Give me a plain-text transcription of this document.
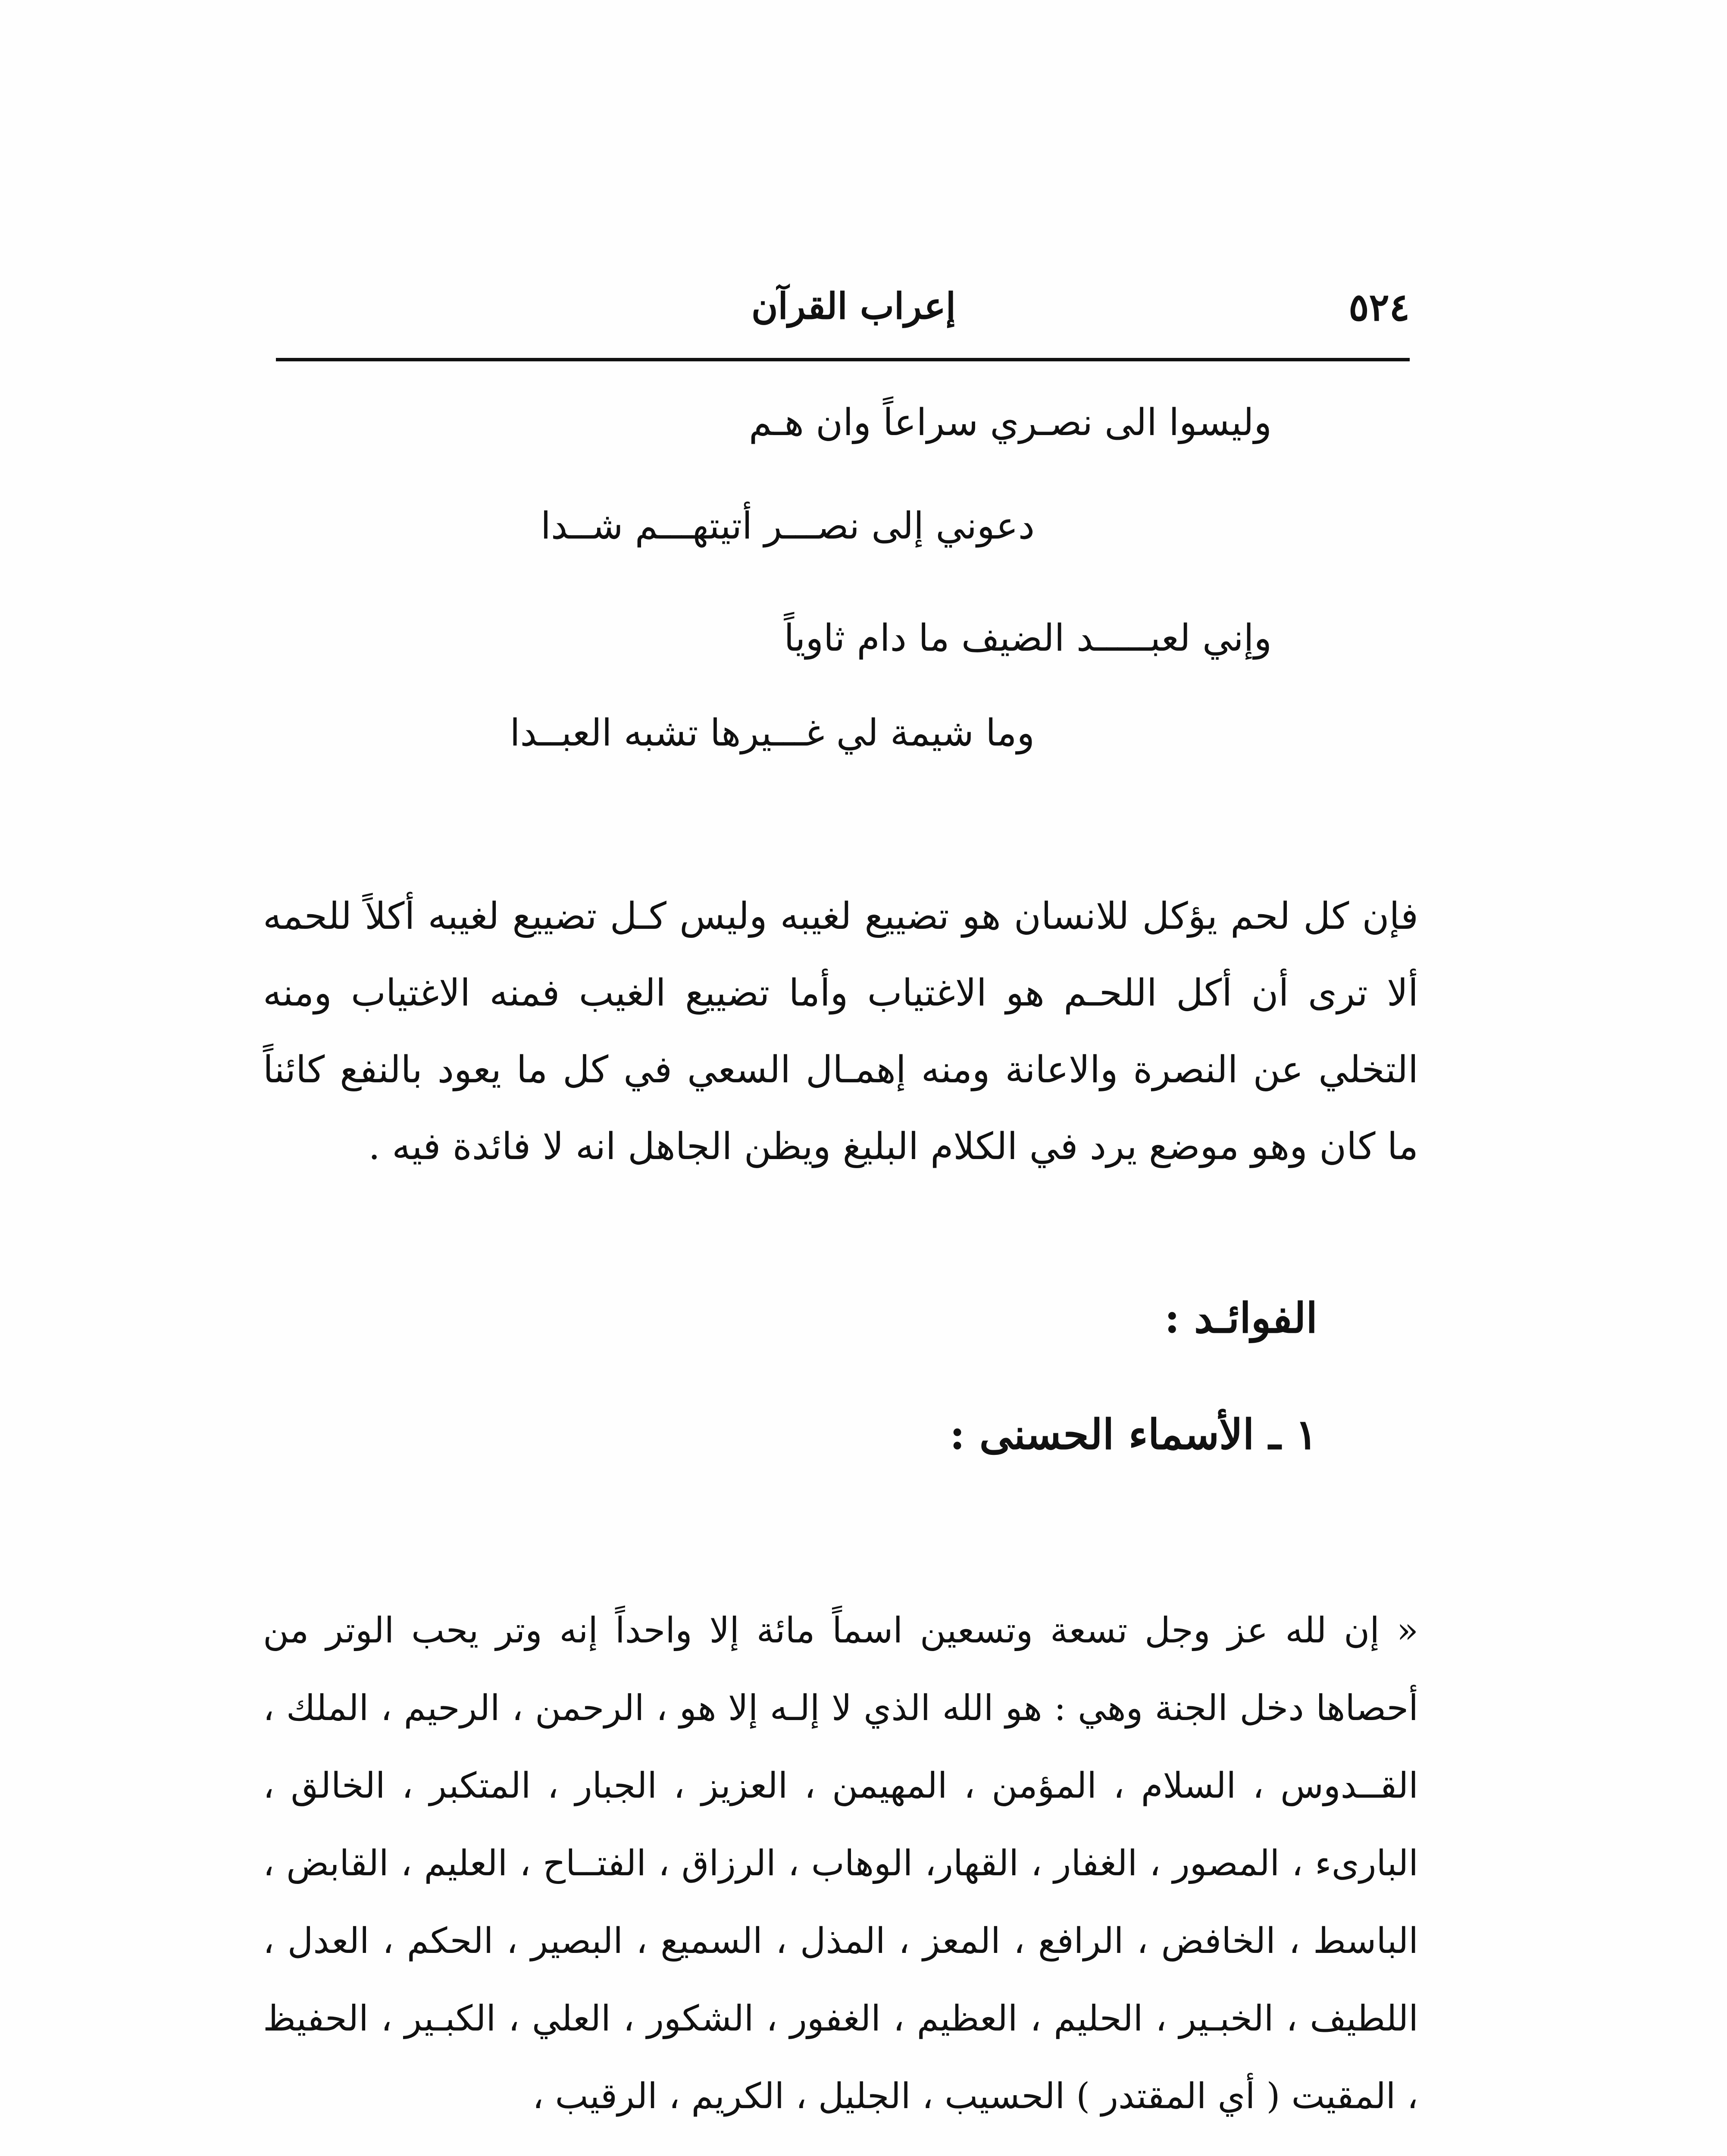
٥٢٤
إعراب القرآن
وليسوا الى نصـري سراعاً وان هـم
دعوني إلى نصـــر أتيتهـــم شــدا
وإني لعبـــــد الضيف ما دام ثاوياً
وما شيمة لي غـــيرها تشبه العبــدا

فإن كل لحم يؤكل للانسان هو تضييع لغيبه وليس كـل تضييع لغيبه أكلاً للحمه ألا ترى أن أكل اللحـم هو الاغتياب وأما تضييع الغيب فمنه الاغتياب ومنه التخلي عن النصرة والاعانة ومنه إهمـال السعي في كل ما يعود بالنفع كائناً ما كان وهو موضع يرد في الكلام البليغ ويظن الجاهل انه لا فائدة فيه .

الفوائـد :
١ ـ الأسماء الحسنى :

« إن لله عز وجل تسعة وتسعين اسماً مائة إلا واحداً إنه وتر يحب الوتر من أحصاها دخل الجنة وهي : هو الله الذي لا إلـه إلا هو ، الرحمن ، الرحيم ، الملك ، القــدوس ، السلام ، المؤمن ، المهيمن ، العزيز ، الجبار ، المتكبر ، الخالق ، البارىء ، المصور ، الغفار ، القهار، الوهاب ، الرزاق ، الفتــاح ، العليم ، القابض ، الباسط ، الخافض ، الرافع ، المعز ، المذل ، السميع ، البصير ، الحكم ، العدل ، اللطيف ، الخبـير ، الحليم ، العظيم ، الغفور ، الشكور ، العلي ، الكبـير ، الحفيظ ، المقيت ( أي المقتدر ) الحسيب ، الجليل ، الكريم ، الرقيب ،
